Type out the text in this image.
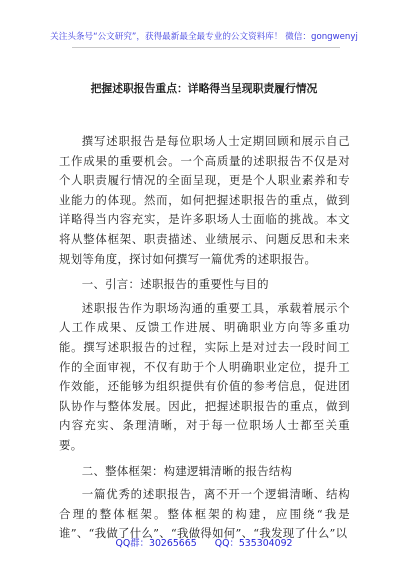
关注头条号“公文研究”，获得最新最全最专业的公文资料库！ 微信：gongwenyj
把握述职报告重点：详略得当呈现职责履行情况

撰写述职报告是每位职场人士定期回顾和展示自己工作成果的重要机会。一个高质量的述职报告不仅是对个人职责履行情况的全面呈现，更是个人职业素养和专业能力的体现。然而，如何把握述职报告的重点，做到详略得当内容充实，是许多职场人士面临的挑战。本文将从整体框架、职责描述、业绩展示、问题反思和未来规划等角度，探讨如何撰写一篇优秀的述职报告。

一、引言：述职报告的重要性与目的

述职报告作为职场沟通的重要工具，承载着展示个人工作成果、反馈工作进展、明确职业方向等多重功能。撰写述职报告的过程，实际上是对过去一段时间工作的全面审视，不仅有助于个人明确职业定位，提升工作效能，还能够为组织提供有价值的参考信息，促进团队协作与整体发展。因此，把握述职报告的重点，做到内容充实、条理清晰，对于每一位职场人士都至关重要。

二、整体框架：构建逻辑清晰的报告结构

一篇优秀的述职报告，离不开一个逻辑清晰、结构合理的整体框架。整体框架的构建，应围绕“我是谁”、“我做了什么”、“我做得如何”、“我发现了什么”以

QQ群：30265665 QQ：535304092
